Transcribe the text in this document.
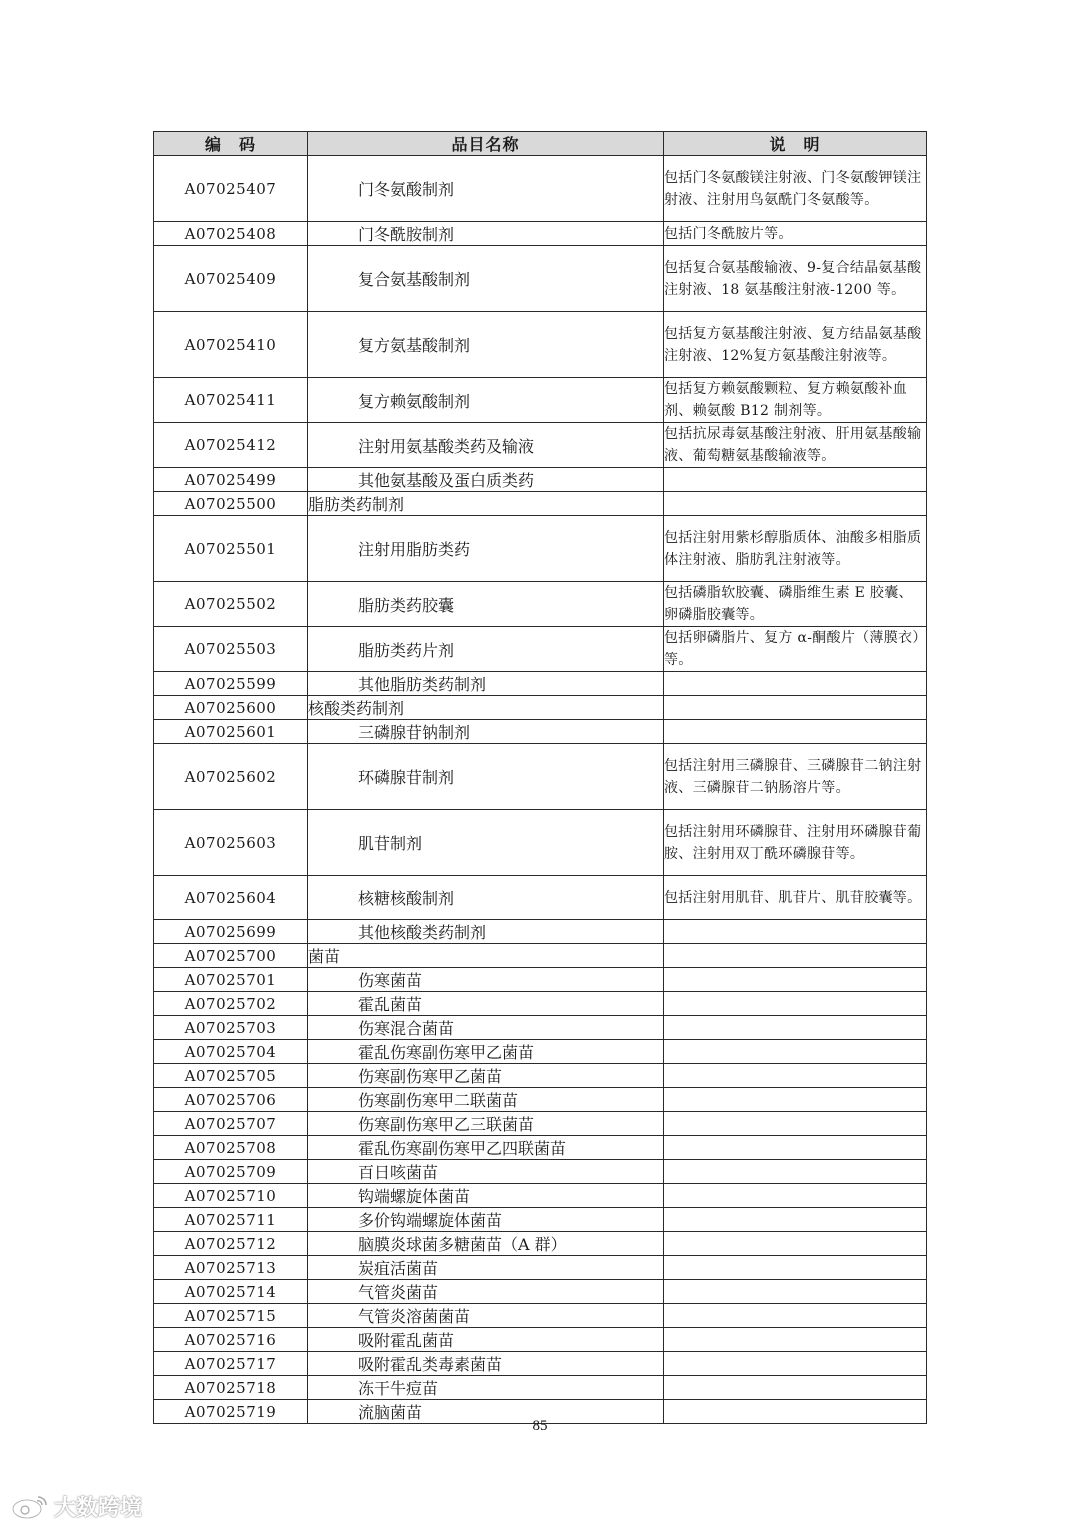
编　码	品目名称	说　明
A07025407	门冬氨酸制剂	包括门冬氨酸镁注射液、门冬氨酸钾镁注射液、注射用鸟氨酰门冬氨酸等。
A07025408	门冬酰胺制剂	包括门冬酰胺片等。
A07025409	复合氨基酸制剂	包括复合氨基酸输液、9-复合结晶氨基酸注射液、18 氨基酸注射液-1200 等。
A07025410	复方氨基酸制剂	包括复方氨基酸注射液、复方结晶氨基酸注射液、12%复方氨基酸注射液等。
A07025411	复方赖氨酸制剂	包括复方赖氨酸颗粒、复方赖氨酸补血剂、赖氨酸 B12 制剂等。
A07025412	注射用氨基酸类药及输液	包括抗尿毒氨基酸注射液、肝用氨基酸输液、葡萄糖氨基酸输液等。
A07025499	其他氨基酸及蛋白质类药	
A07025500	脂肪类药制剂	
A07025501	注射用脂肪类药	包括注射用紫杉醇脂质体、油酸多相脂质体注射液、脂肪乳注射液等。
A07025502	脂肪类药胶囊	包括磷脂软胶囊、磷脂维生素 E 胶囊、卵磷脂胶囊等。
A07025503	脂肪类药片剂	包括卵磷脂片、复方 α-酮酸片（薄膜衣）等。
A07025599	其他脂肪类药制剂	
A07025600	核酸类药制剂	
A07025601	三磷腺苷钠制剂	
A07025602	环磷腺苷制剂	包括注射用三磷腺苷、三磷腺苷二钠注射液、三磷腺苷二钠肠溶片等。
A07025603	肌苷制剂	包括注射用环磷腺苷、注射用环磷腺苷葡胺、注射用双丁酰环磷腺苷等。
A07025604	核糖核酸制剂	包括注射用肌苷、肌苷片、肌苷胶囊等。
A07025699	其他核酸类药制剂	
A07025700	菌苗	
A07025701	伤寒菌苗	
A07025702	霍乱菌苗	
A07025703	伤寒混合菌苗	
A07025704	霍乱伤寒副伤寒甲乙菌苗	
A07025705	伤寒副伤寒甲乙菌苗	
A07025706	伤寒副伤寒甲二联菌苗	
A07025707	伤寒副伤寒甲乙三联菌苗	
A07025708	霍乱伤寒副伤寒甲乙四联菌苗	
A07025709	百日咳菌苗	
A07025710	钩端螺旋体菌苗	
A07025711	多价钩端螺旋体菌苗	
A07025712	脑膜炎球菌多糖菌苗（A 群）	
A07025713	炭疽活菌苗	
A07025714	气管炎菌苗	
A07025715	气管炎溶菌菌苗	
A07025716	吸附霍乱菌苗	
A07025717	吸附霍乱类毒素菌苗	
A07025718	冻干牛痘苗	
A07025719	流脑菌苗	
85
大数跨境
